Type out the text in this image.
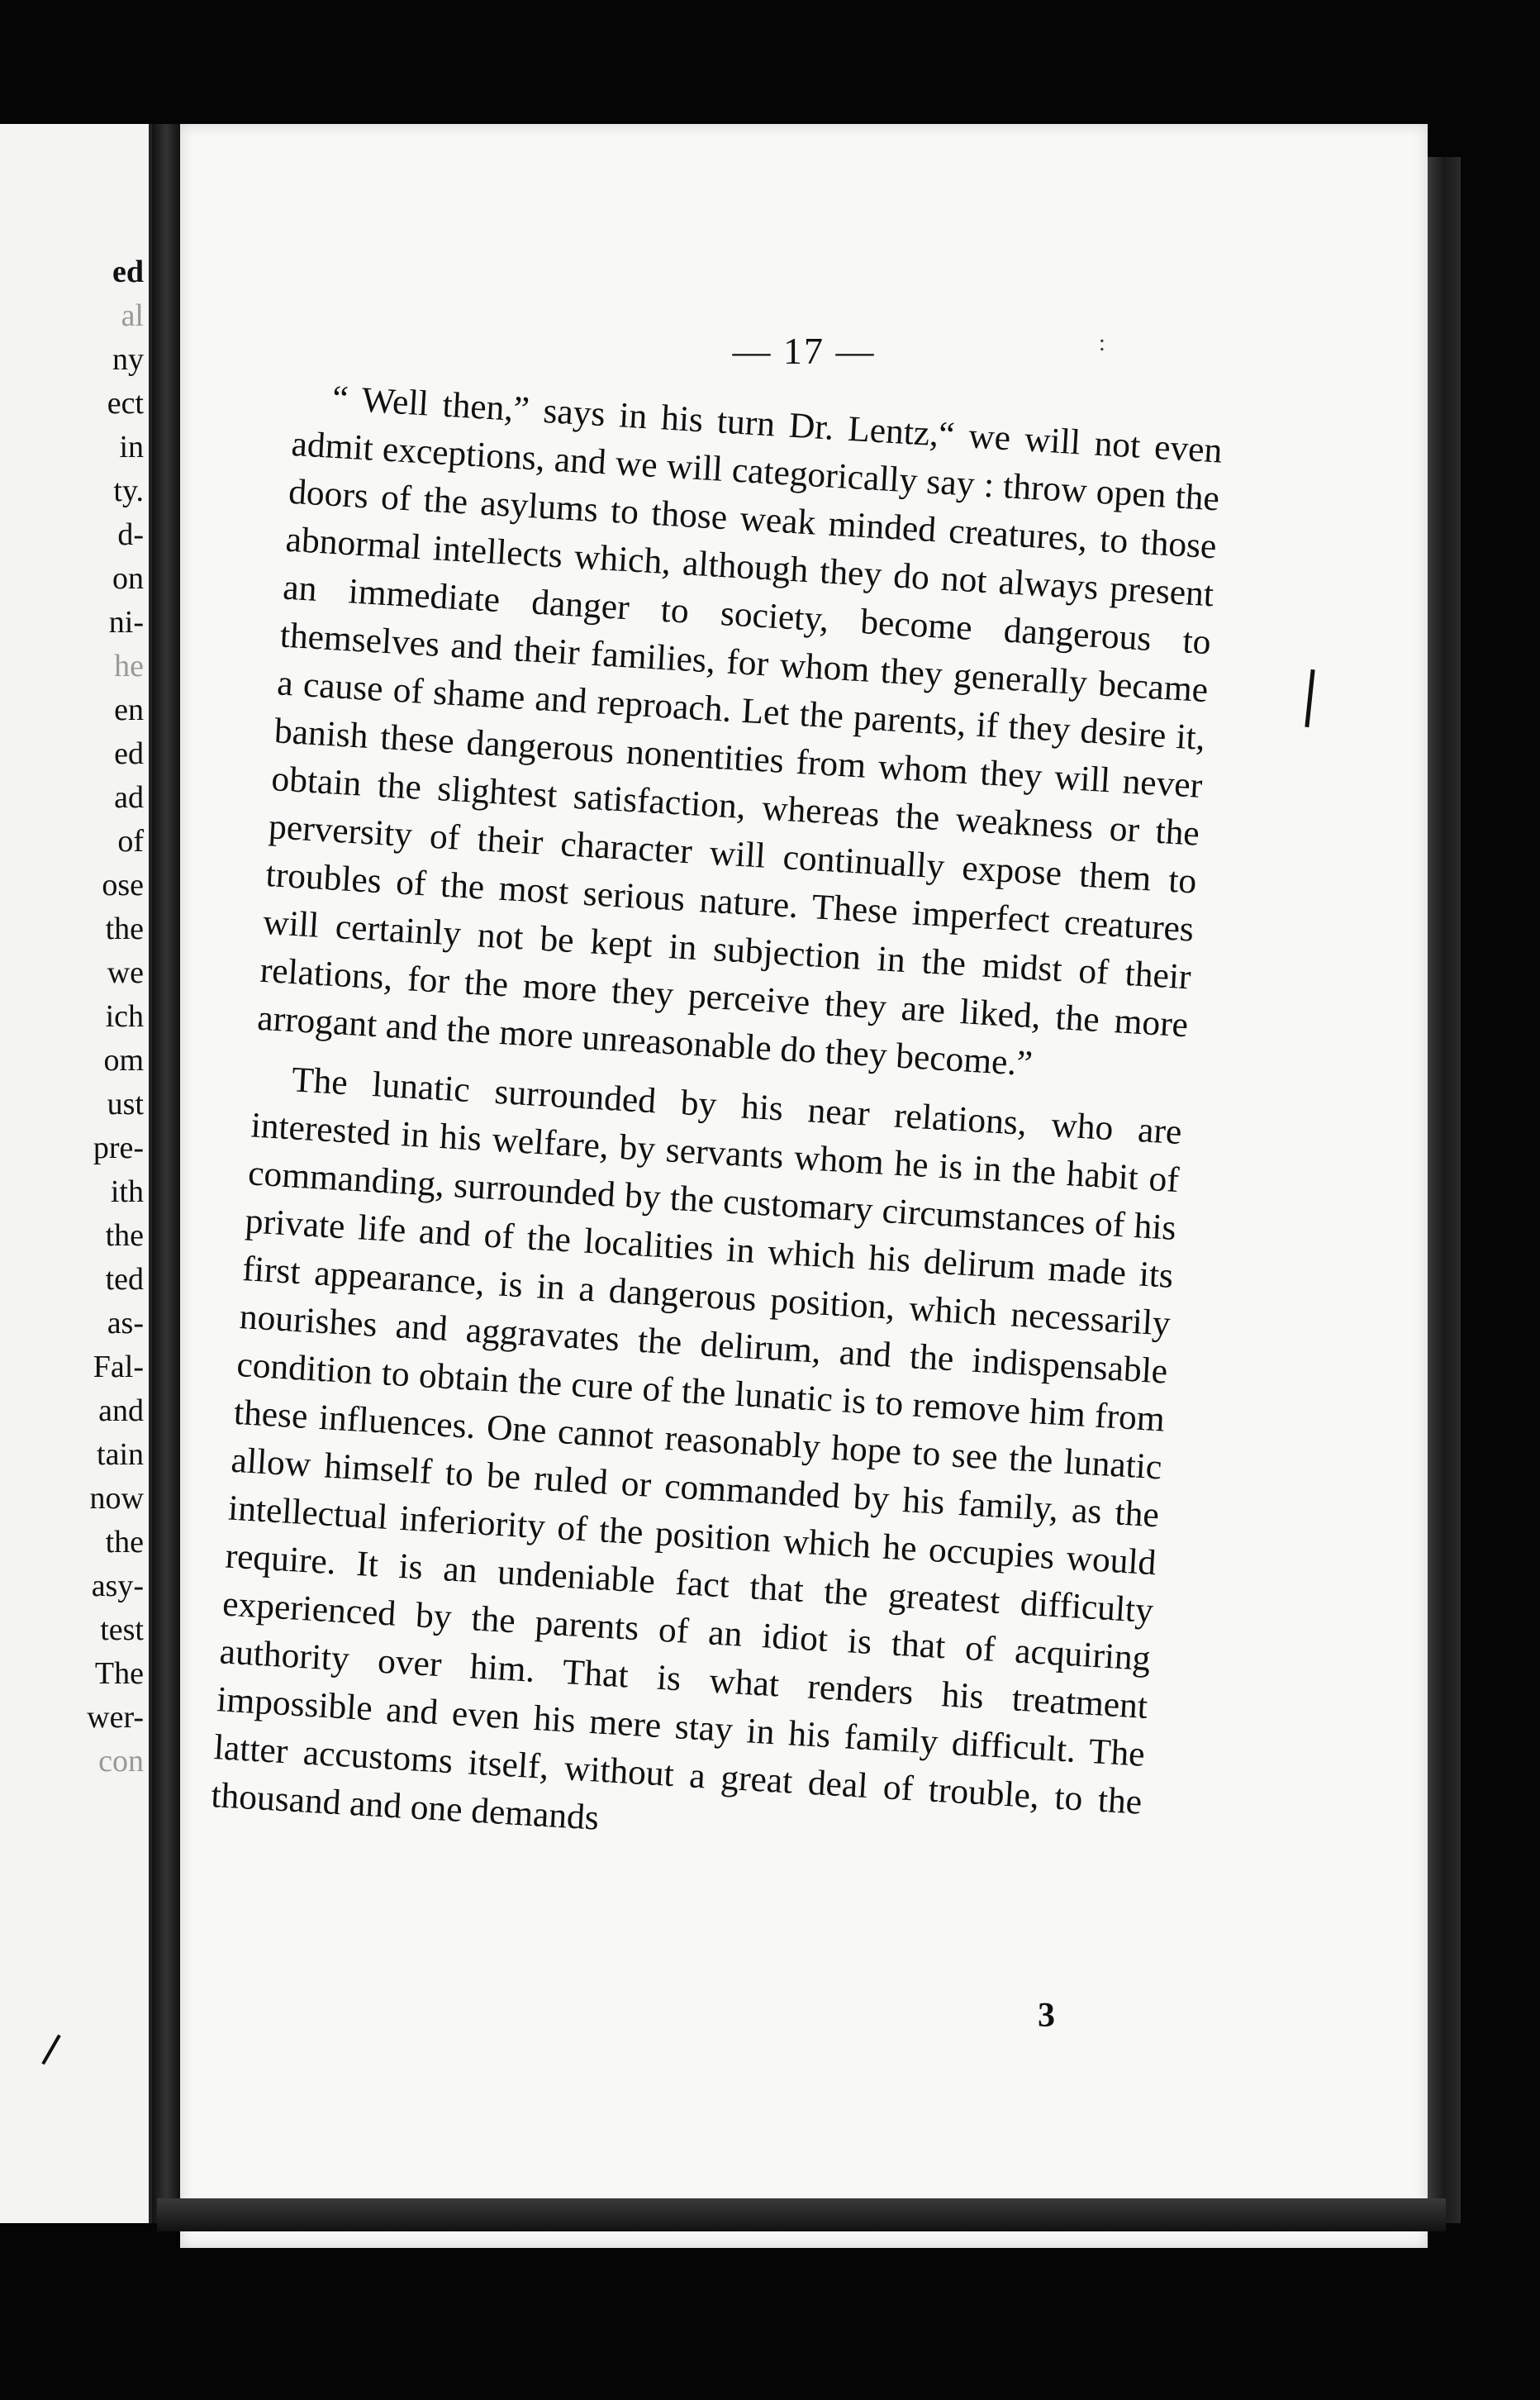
ed
al
ny
ect
in
ty.
d-
on
ni-
he
en
ed
ad
of
ose
the
we
ich
om
ust
pre-
ith
the
ted
as-
Fal-
and
tain
now
the
asy-
test
The
wer-
con
— 17 —	:

“ Well then,” says in his turn Dr. Lentz,“ we will not even admit exceptions, and we will categorically say : throw open the doors of the asylums to those weak minded creatures, to those abnormal intellects which, although they do not always present an immediate danger to society, become dangerous to themselves and their families, for whom they generally became a cause of shame and reproach. Let the parents, if they desire it, banish these dangerous nonentities from whom they will never obtain the slightest satisfaction, whereas the weakness or the perversity of their character will continually expose them to troubles of the most serious nature. These imperfect creatures will certainly not be kept in subjection in the midst of their relations, for the more they perceive they are liked, the more arrogant and the more unreasonable do they become.”

The lunatic surrounded by his near relations, who are interested in his welfare, by servants whom he is in the habit of commanding, surrounded by the customary circumstances of his private life and of the localities in which his delirum made its first appearance, is in a dangerous position, which necessarily nourishes and aggravates the delirum, and the indispensable condition to obtain the cure of the lunatic is to remove him from these influences. One cannot reasonably hope to see the lunatic allow himself to be ruled or commanded by his family, as the intellectual inferiority of the position which he occupies would require. It is an undeniable fact that the greatest difficulty experienced by the parents of an idiot is that of acquiring authority over him. That is what renders his treatment impossible and even his mere stay in his family difficult. The latter accustoms itself, without a great deal of trouble, to the thousand and one demands

3
